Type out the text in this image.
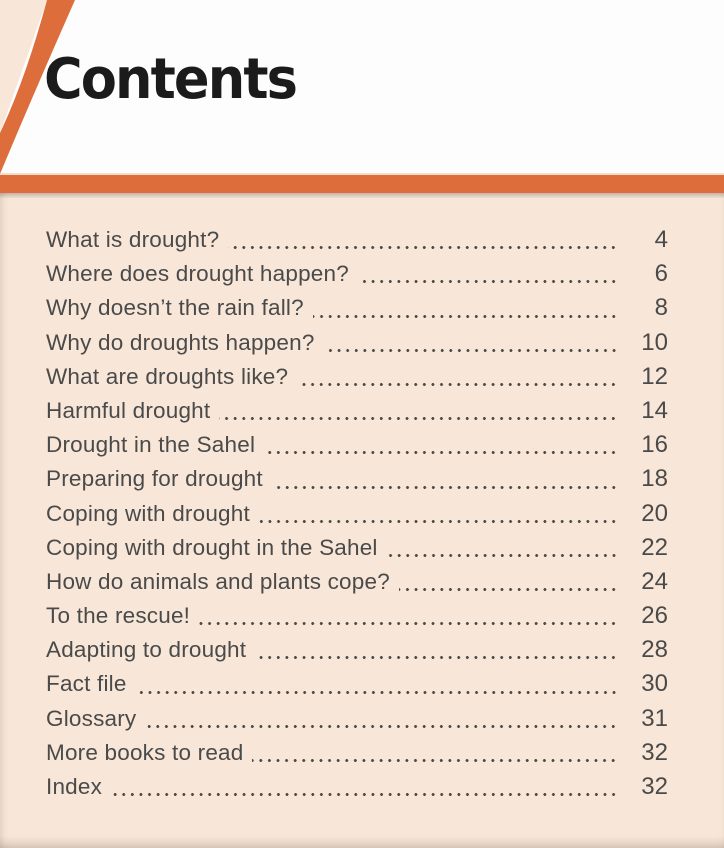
Contents
What is drought?	4
Where does drought happen?	6
Why doesn’t the rain fall?	8
Why do droughts happen?	10
What are droughts like?	12
Harmful drought	14
Drought in the Sahel	16
Preparing for drought	18
Coping with drought	20
Coping with drought in the Sahel	22
How do animals and plants cope?	24
To the rescue!	26
Adapting to drought	28
Fact file	30
Glossary	31
More books to read	32
Index	32
